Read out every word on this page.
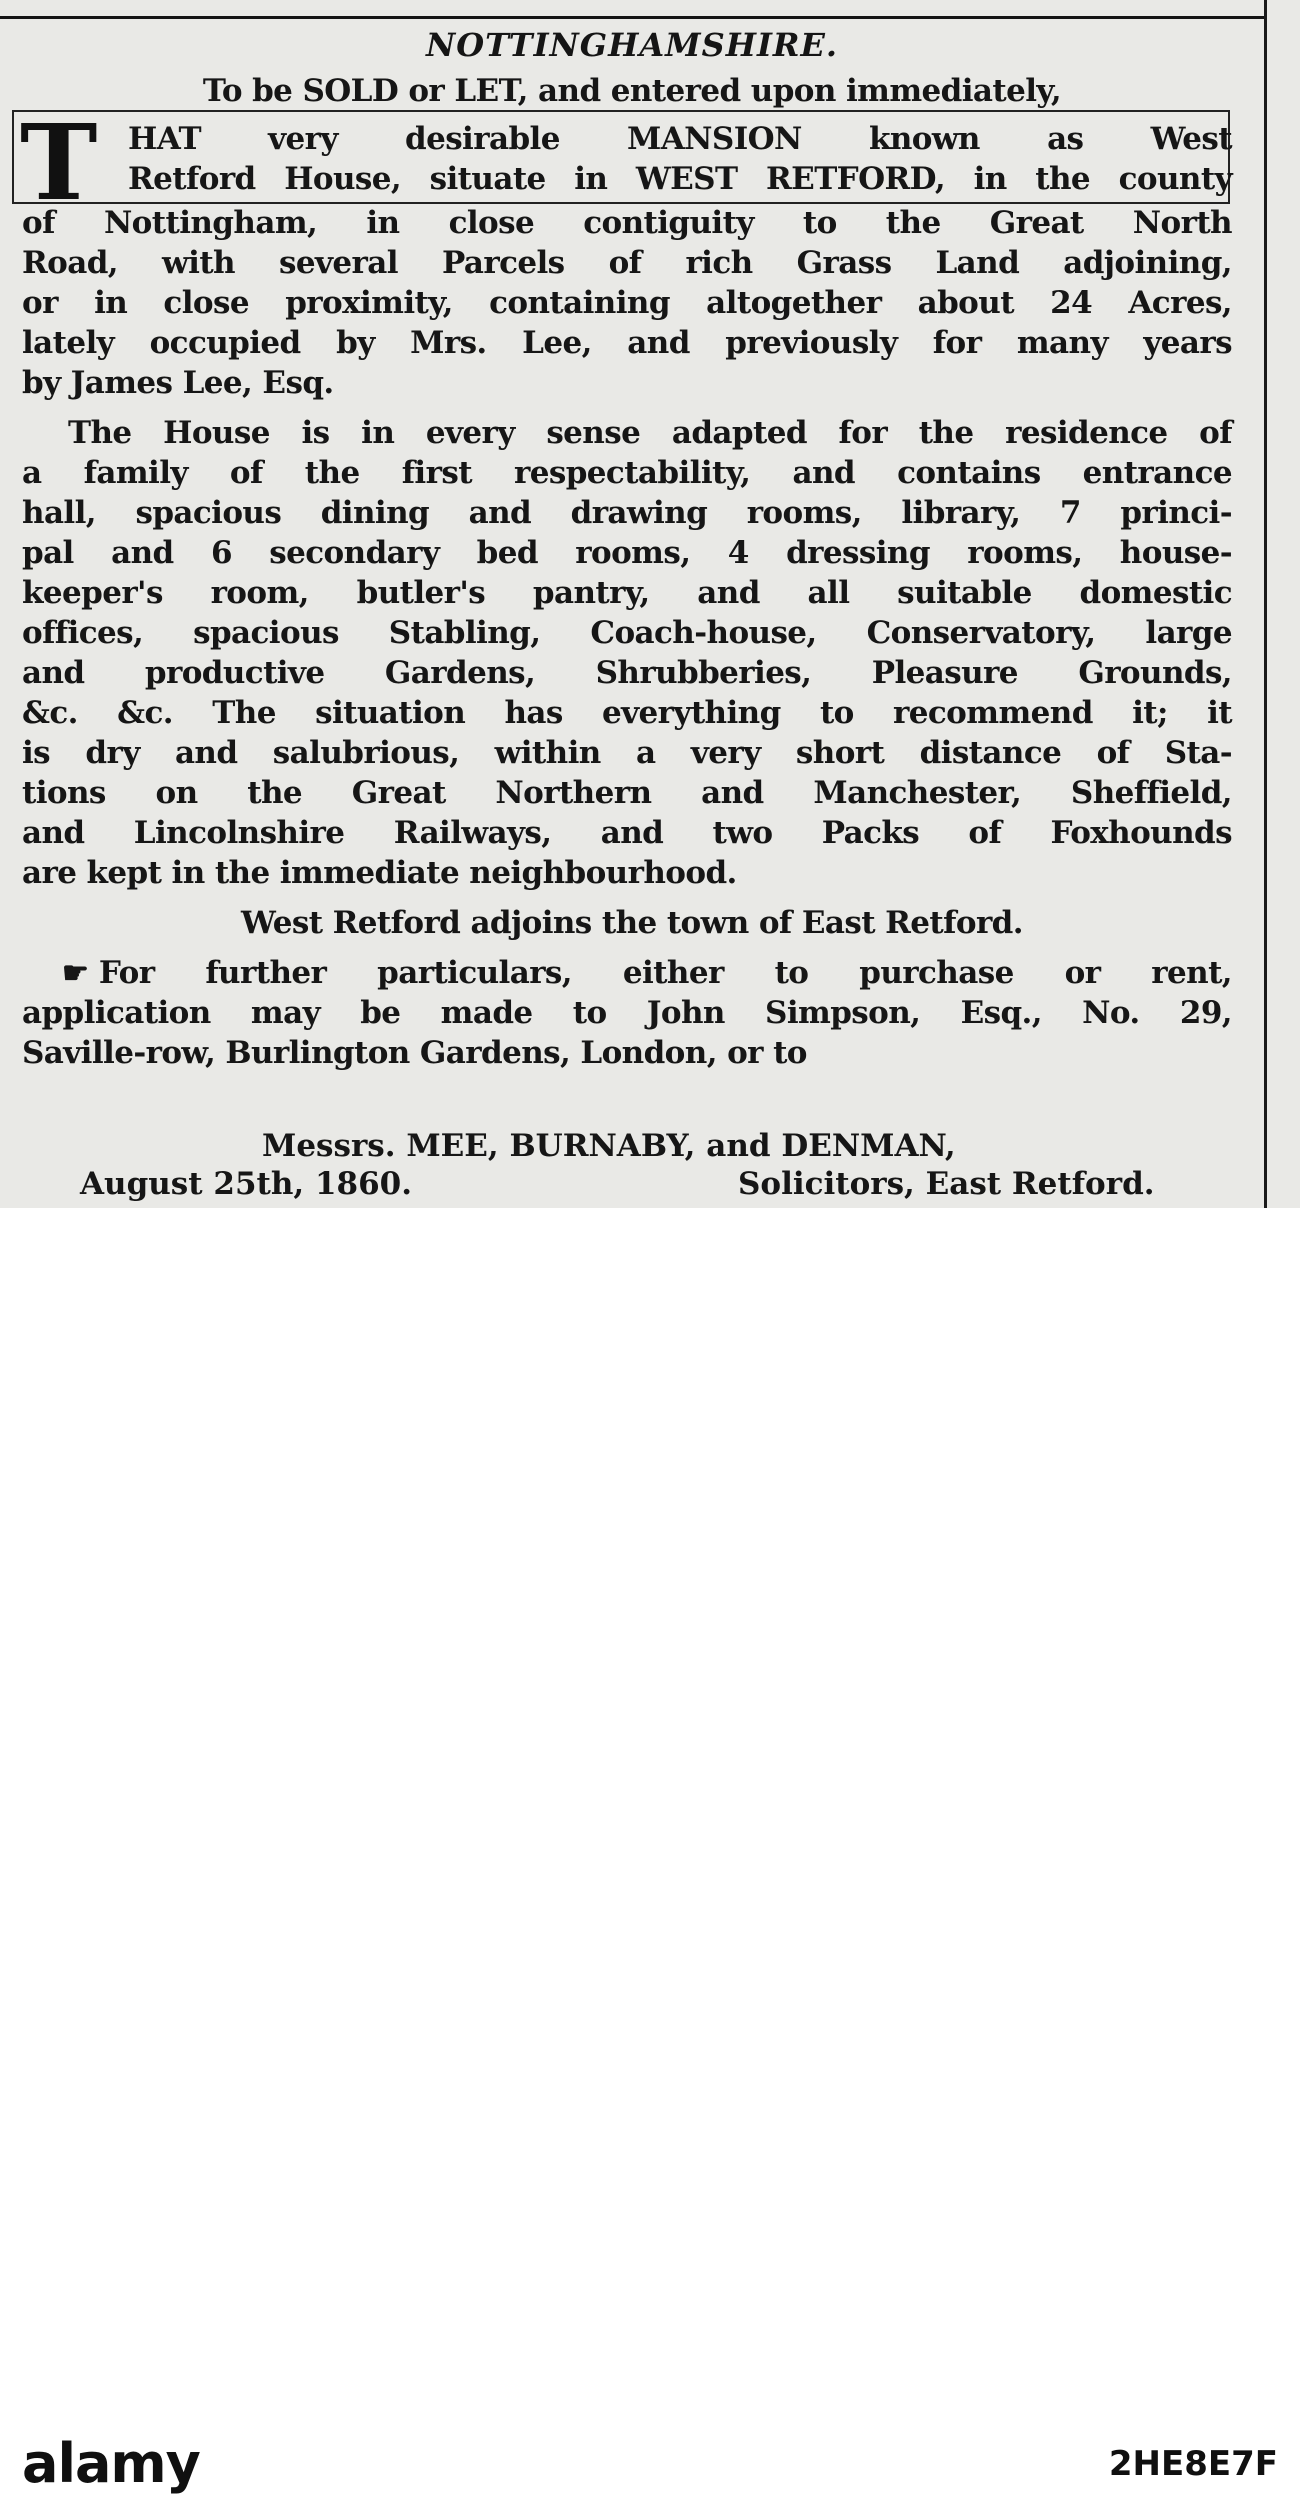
NOTTINGHAMSHIRE.

To be SOLD or LET, and entered upon immediately,

T HAT very desirable MANSION known as West

Retford House, situate in WEST RETFORD, in the county

of Nottingham, in close contiguity to the Great North

Road, with several Parcels of rich Grass Land adjoining,

or in close proximity, containing altogether about 24 Acres,

lately occupied by Mrs. Lee, and previously for many years

by James Lee, Esq.

The House is in every sense adapted for the residence of

a family of the first respectability, and contains entrance

hall, spacious dining and drawing rooms, library, 7 princi-

pal and 6 secondary bed rooms, 4 dressing rooms, house-

keeper's room, butler's pantry, and all suitable domestic

offices, spacious Stabling, Coach-house, Conservatory, large

and productive Gardens, Shrubberies, Pleasure Grounds,

&c. &c. The situation has everything to recommend it; it

is dry and salubrious, within a very short distance of Sta-

tions on the Great Northern and Manchester, Sheffield,

and Lincolnshire Railways, and two Packs of Foxhounds

are kept in the immediate neighbourhood.

West Retford adjoins the town of East Retford.

☛ For further particulars, either to purchase or rent,

application may be made to John Simpson, Esq., No. 29,

Saville-row, Burlington Gardens, London, or to

Messrs. MEE, BURNABY, and DENMAN,

August 25th, 1860.	Solicitors, East Retford.

alamy	2HE8E7F
